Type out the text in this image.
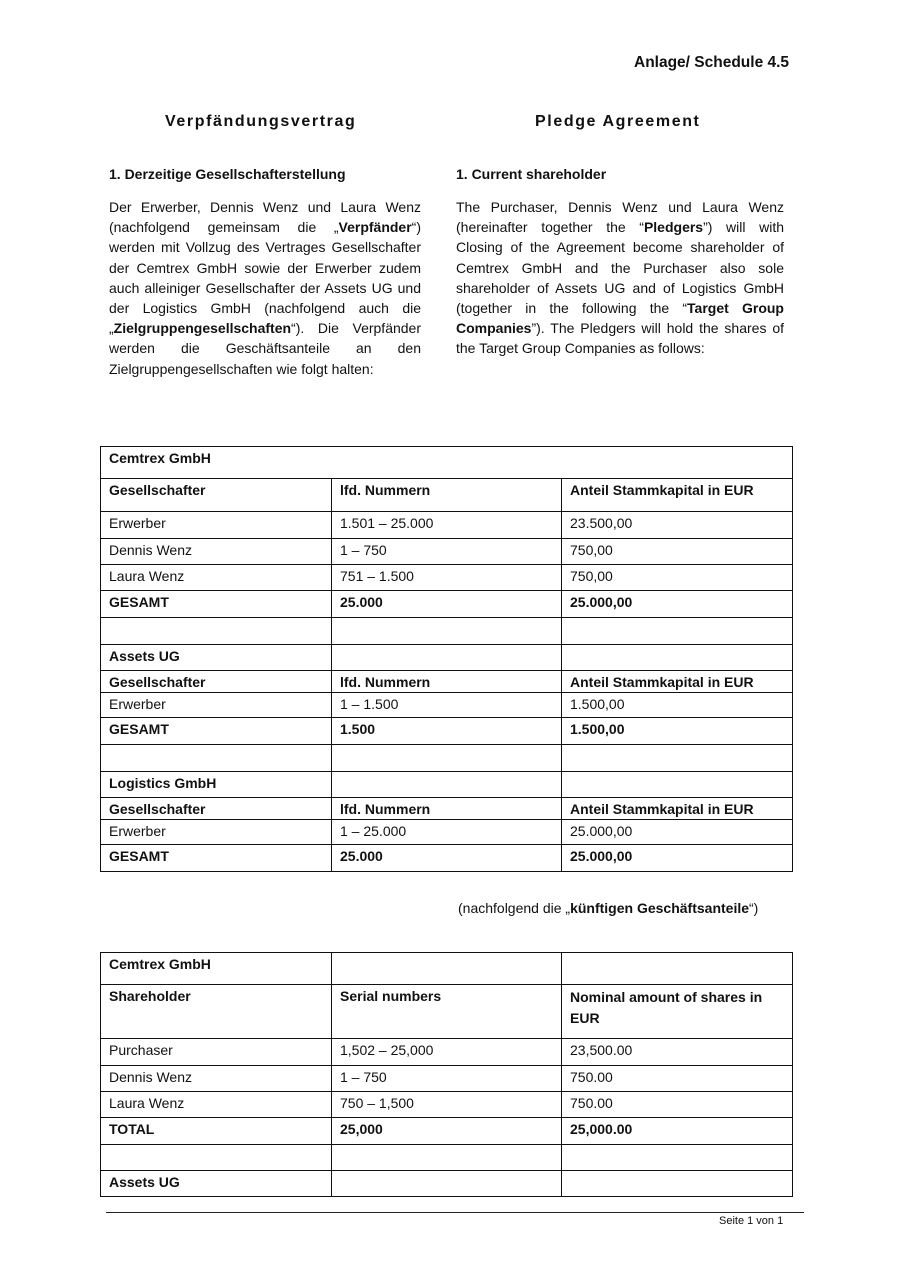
Anlage/ Schedule 4.5
Verpfändungsvertrag	Pledge Agreement
1. Derzeitige Gesellschafterstellung	1. Current shareholder
Der Erwerber, Dennis Wenz und Laura Wenz (nachfolgend gemeinsam die „Verpfänder“) werden mit Vollzug des Vertrages Gesellschafter der Cemtrex GmbH sowie der Erwerber zudem auch alleiniger Gesellschafter der Assets UG und der Logistics GmbH (nachfolgend auch die „Zielgruppengesellschaften“). Die Verpfänder werden die Geschäftsanteile an den Zielgruppengesellschaften wie folgt halten:
The Purchaser, Dennis Wenz und Laura Wenz (hereinafter together the “Pledgers”) will with Closing of the Agreement become shareholder of Cemtrex GmbH and the Purchaser also sole shareholder of Assets UG and of Logistics GmbH (together in the following the “Target Group Companies”). The Pledgers will hold the shares of the Target Group Companies as follows:
Cemtrex GmbH		
Gesellschafter	lfd. Nummern	Anteil Stammkapital in EUR
Erwerber	1.501 – 25.000	23.500,00
Dennis Wenz	1 – 750	750,00
Laura Wenz	751 – 1.500	750,00
GESAMT	25.000	25.000,00

Assets UG		
Gesellschafter	lfd. Nummern	Anteil Stammkapital in EUR
Erwerber	1 – 1.500	1.500,00
GESAMT	1.500	1.500,00

Logistics GmbH		
Gesellschafter	lfd. Nummern	Anteil Stammkapital in EUR
Erwerber	1 – 25.000	25.000,00
GESAMT	25.000	25.000,00
(nachfolgend die „künftigen Geschäftsanteile“)
Cemtrex GmbH		
Shareholder	Serial numbers	Nominal amount of shares in
EUR
Purchaser	1,502 – 25,000	23,500.00
Dennis Wenz	1 – 750	750.00
Laura Wenz	750 – 1,500	750.00
TOTAL	25,000	25,000.00

Assets UG		
Seite 1 von 1
